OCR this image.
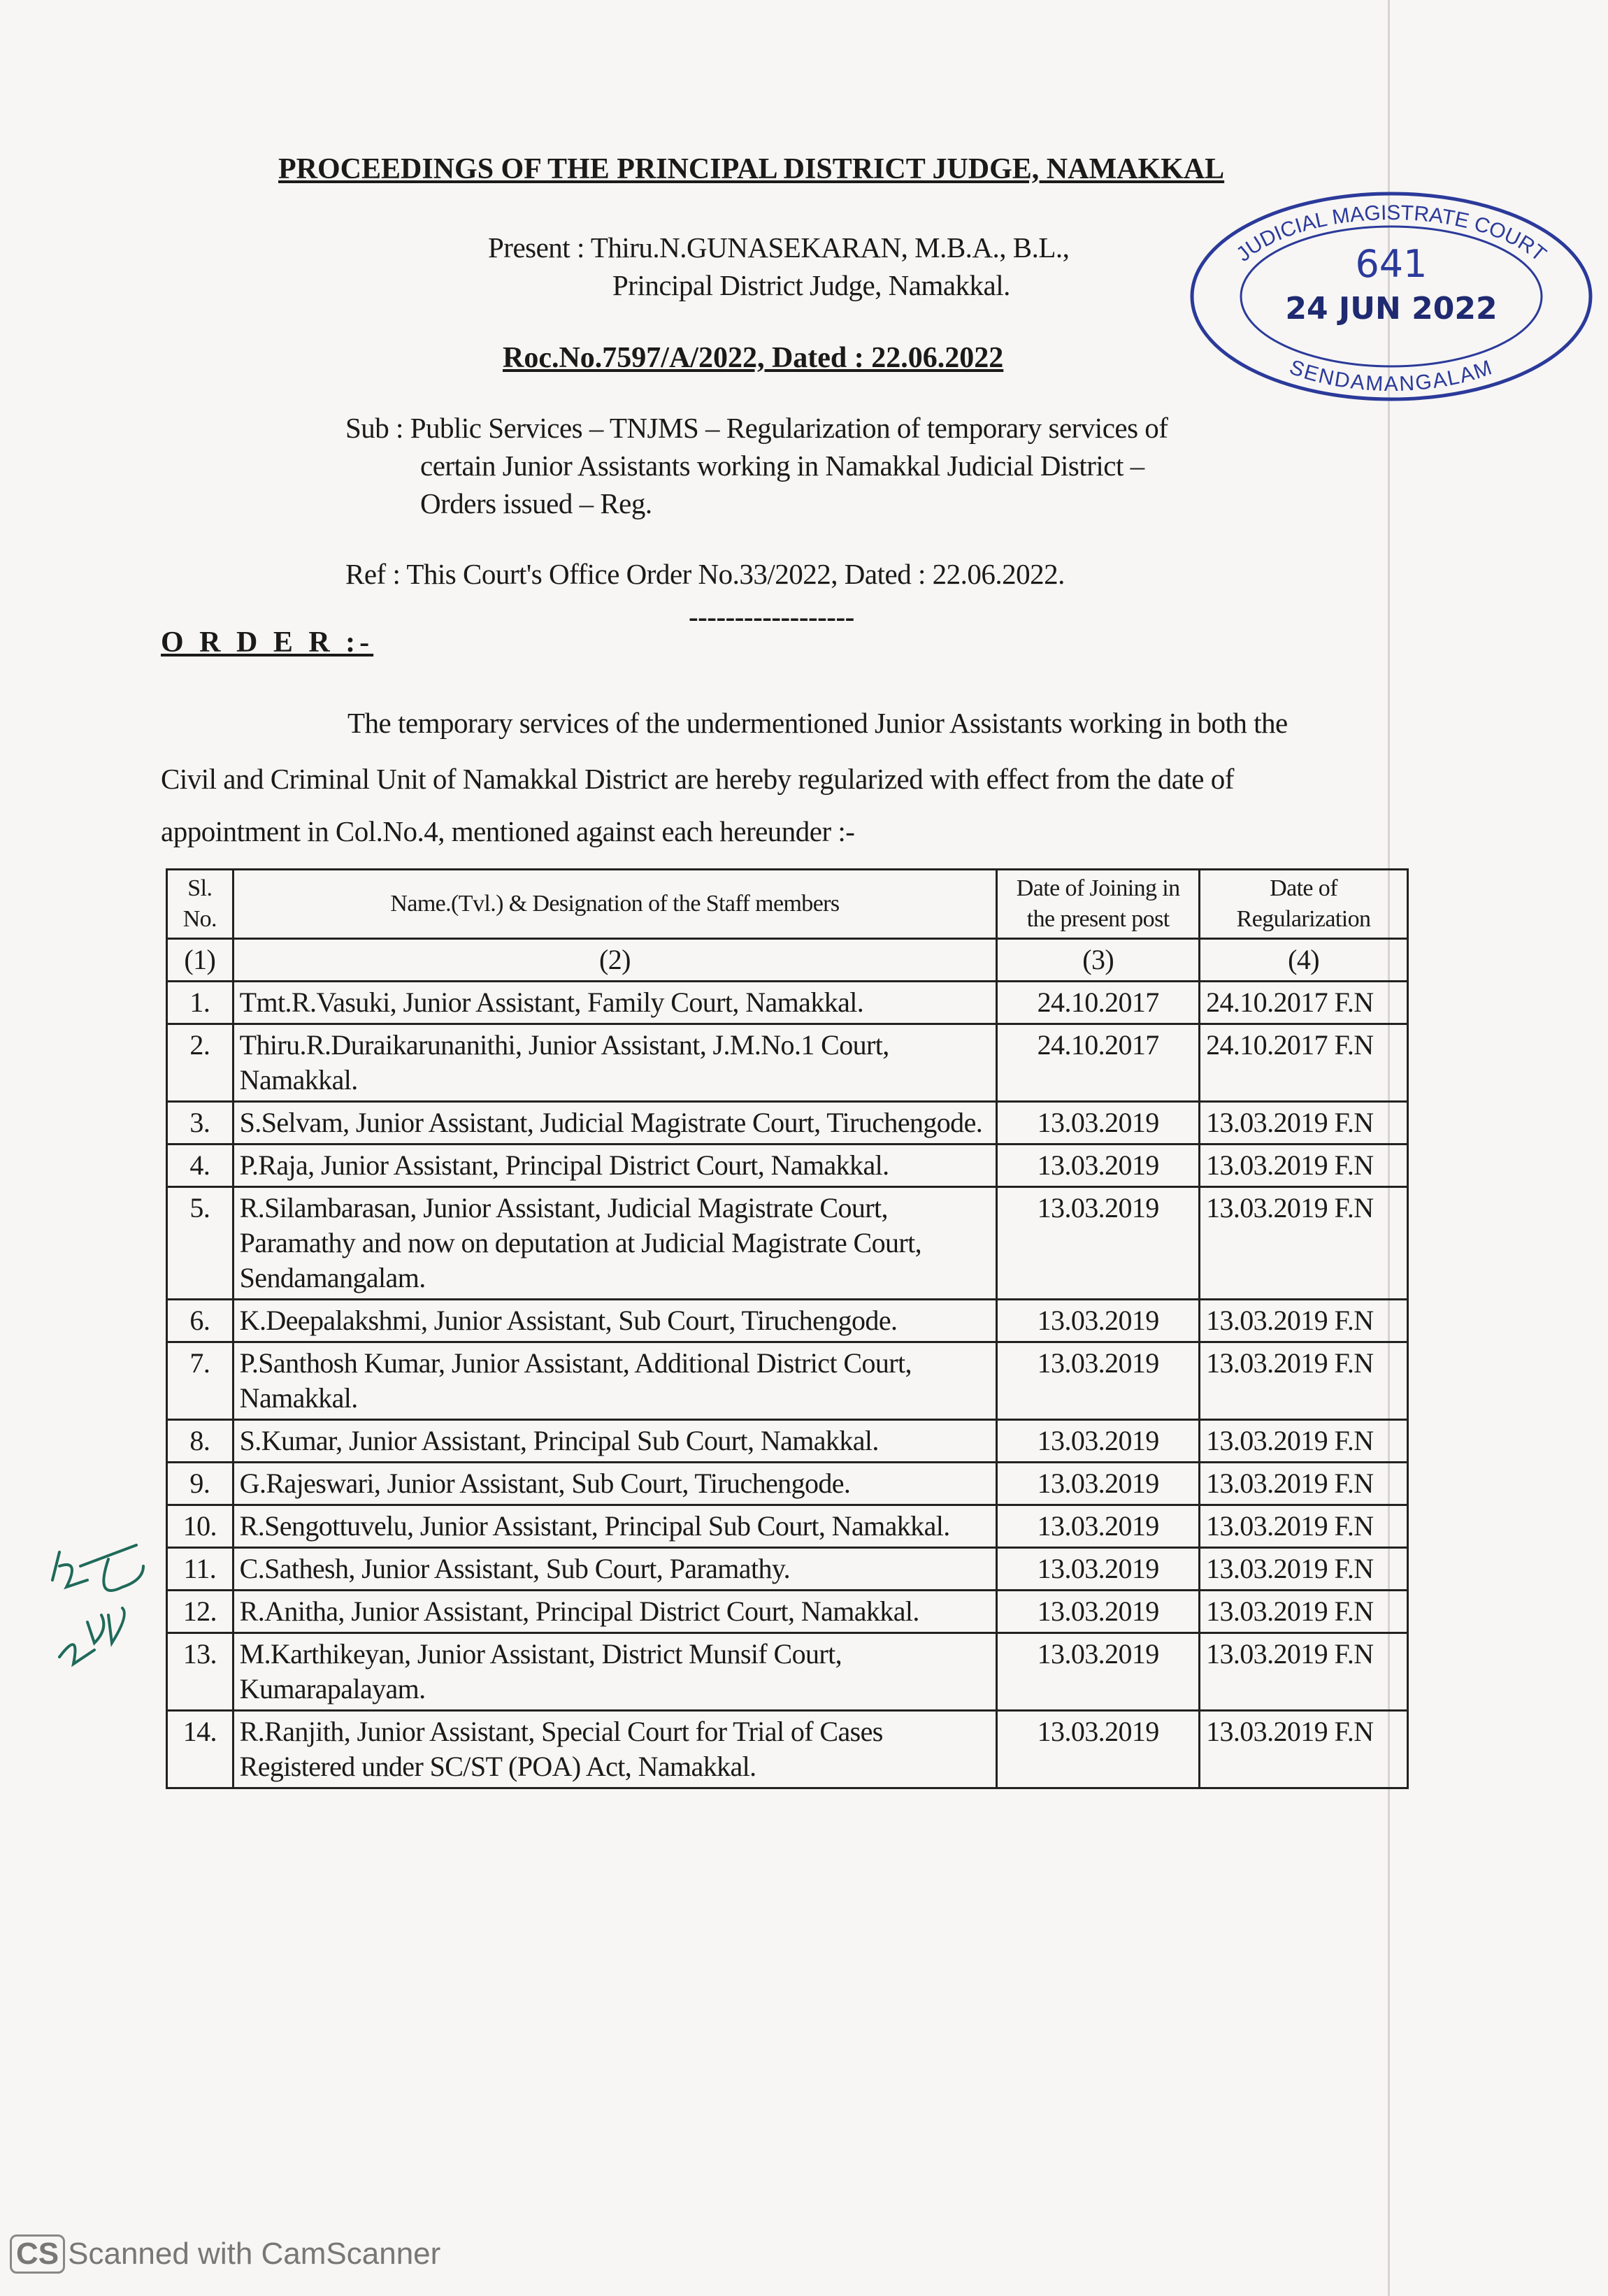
PROCEEDINGS OF THE PRINCIPAL DISTRICT JUDGE, NAMAKKAL
Present : Thiru.N.GUNASEKARAN, M.B.A., B.L.,
Principal District Judge, Namakkal.
Roc.No.7597/A/2022, Dated : 22.06.2022
Sub : Public Services – TNJMS – Regularization of temporary services of
certain Junior Assistants working in Namakkal Judicial District –
Orders issued – Reg.
Ref : This Court's Office Order No.33/2022, Dated : 22.06.2022.
------------------
JUDICIAL MAGISTRATE COURT
SENDAMANGALAM
641
24 JUN 2022
O R D E R :-
The temporary services of the undermentioned Junior Assistants working in both the
Civil and Criminal Unit of Namakkal District are hereby regularized with effect from the date of
appointment in Col.No.4, mentioned against each hereunder :-
Sl. No.	Name.(Tvl.) & Designation of the Staff members	Date of Joining in the present post	Date of Regularization
(1)	(2)	(3)	(4)
1.	Tmt.R.Vasuki, Junior Assistant, Family Court, Namakkal.	24.10.2017	24.10.2017 F.N
2.	Thiru.R.Duraikarunanithi, Junior Assistant, J.M.No.1 Court, Namakkal.	24.10.2017	24.10.2017 F.N
3.	S.Selvam, Junior Assistant, Judicial Magistrate Court, Tiruchengode.	13.03.2019	13.03.2019 F.N
4.	P.Raja, Junior Assistant, Principal District Court, Namakkal.	13.03.2019	13.03.2019 F.N
5.	R.Silambarasan, Junior Assistant, Judicial Magistrate Court, Paramathy and now on deputation at Judicial Magistrate Court, Sendamangalam.	13.03.2019	13.03.2019 F.N
6.	K.Deepalakshmi, Junior Assistant, Sub Court, Tiruchengode.	13.03.2019	13.03.2019 F.N
7.	P.Santhosh Kumar, Junior Assistant, Additional District Court, Namakkal.	13.03.2019	13.03.2019 F.N
8.	S.Kumar, Junior Assistant, Principal Sub Court, Namakkal.	13.03.2019	13.03.2019 F.N
9.	G.Rajeswari, Junior Assistant, Sub Court, Tiruchengode.	13.03.2019	13.03.2019 F.N
10.	R.Sengottuvelu, Junior Assistant, Principal Sub Court, Namakkal.	13.03.2019	13.03.2019 F.N
11.	C.Sathesh, Junior Assistant, Sub Court, Paramathy.	13.03.2019	13.03.2019 F.N
12.	R.Anitha, Junior Assistant, Principal District Court, Namakkal.	13.03.2019	13.03.2019 F.N
13.	M.Karthikeyan, Junior Assistant, District Munsif Court, Kumarapalayam.	13.03.2019	13.03.2019 F.N
14.	R.Ranjith, Junior Assistant, Special Court for Trial of Cases Registered under SC/ST (POA) Act, Namakkal.	13.03.2019	13.03.2019 F.N
CS Scanned with CamScanner
